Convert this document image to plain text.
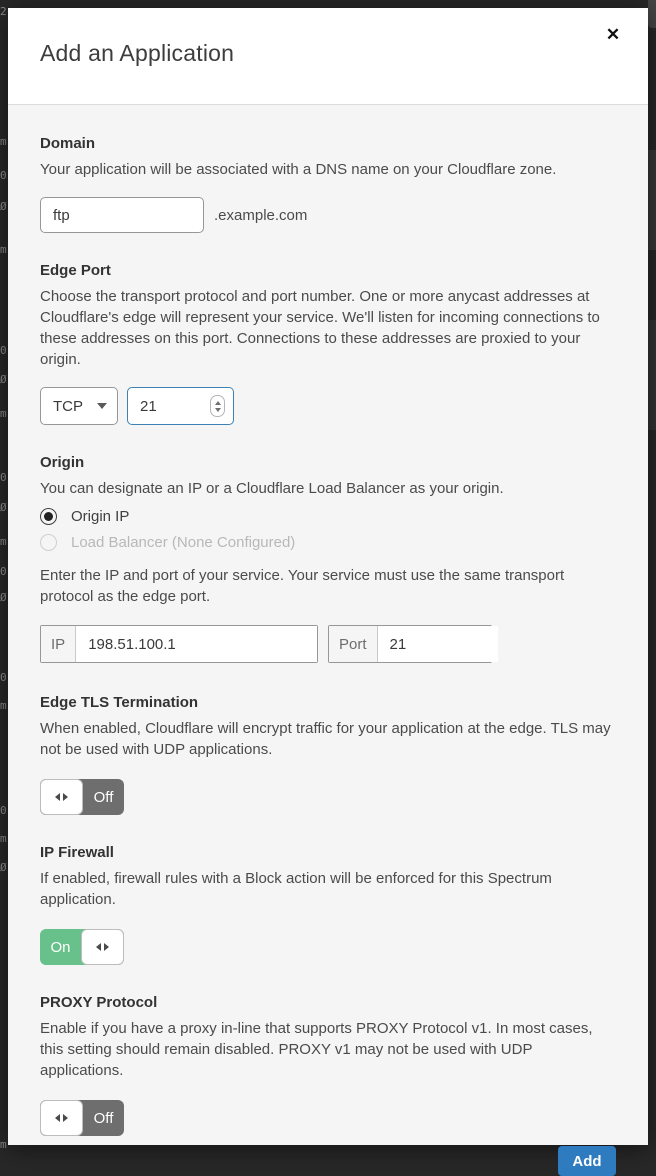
2
m
0
Ø
m
0
Ø
m
0
Ø
m
0
Ø
0
m
0
m
Ø
m
Add an Application
✕
Domain

Your application will be associated with a DNS name on your Cloudflare zone.

ftp
.example.com
Edge Port

Choose the transport protocol and port number. One or more anycast addresses at Cloudflare's edge will represent your service. We'll listen for incoming connections to these addresses on this port. Connections to these addresses are proxied to your origin.

TCP
21
Origin

You can designate an IP or a Cloudflare Load Balancer as your origin.

Origin IP
Load Balancer (None Configured)

Enter the IP and port of your service. Your service must use the same transport protocol as the edge port.

IP
198.51.100.1	Port
21
Edge TLS Termination

When enabled, Cloudflare will encrypt traffic for your application at the edge. TLS may not be used with UDP applications.

Off
IP Firewall

If enabled, firewall rules with a Block action will be enforced for this Spectrum application.

On
PROXY Protocol

Enable if you have a proxy in-line that supports PROXY Protocol v1. In most cases, this setting should remain disabled. PROXY v1 may not be used with UDP applications.

Off
Add
